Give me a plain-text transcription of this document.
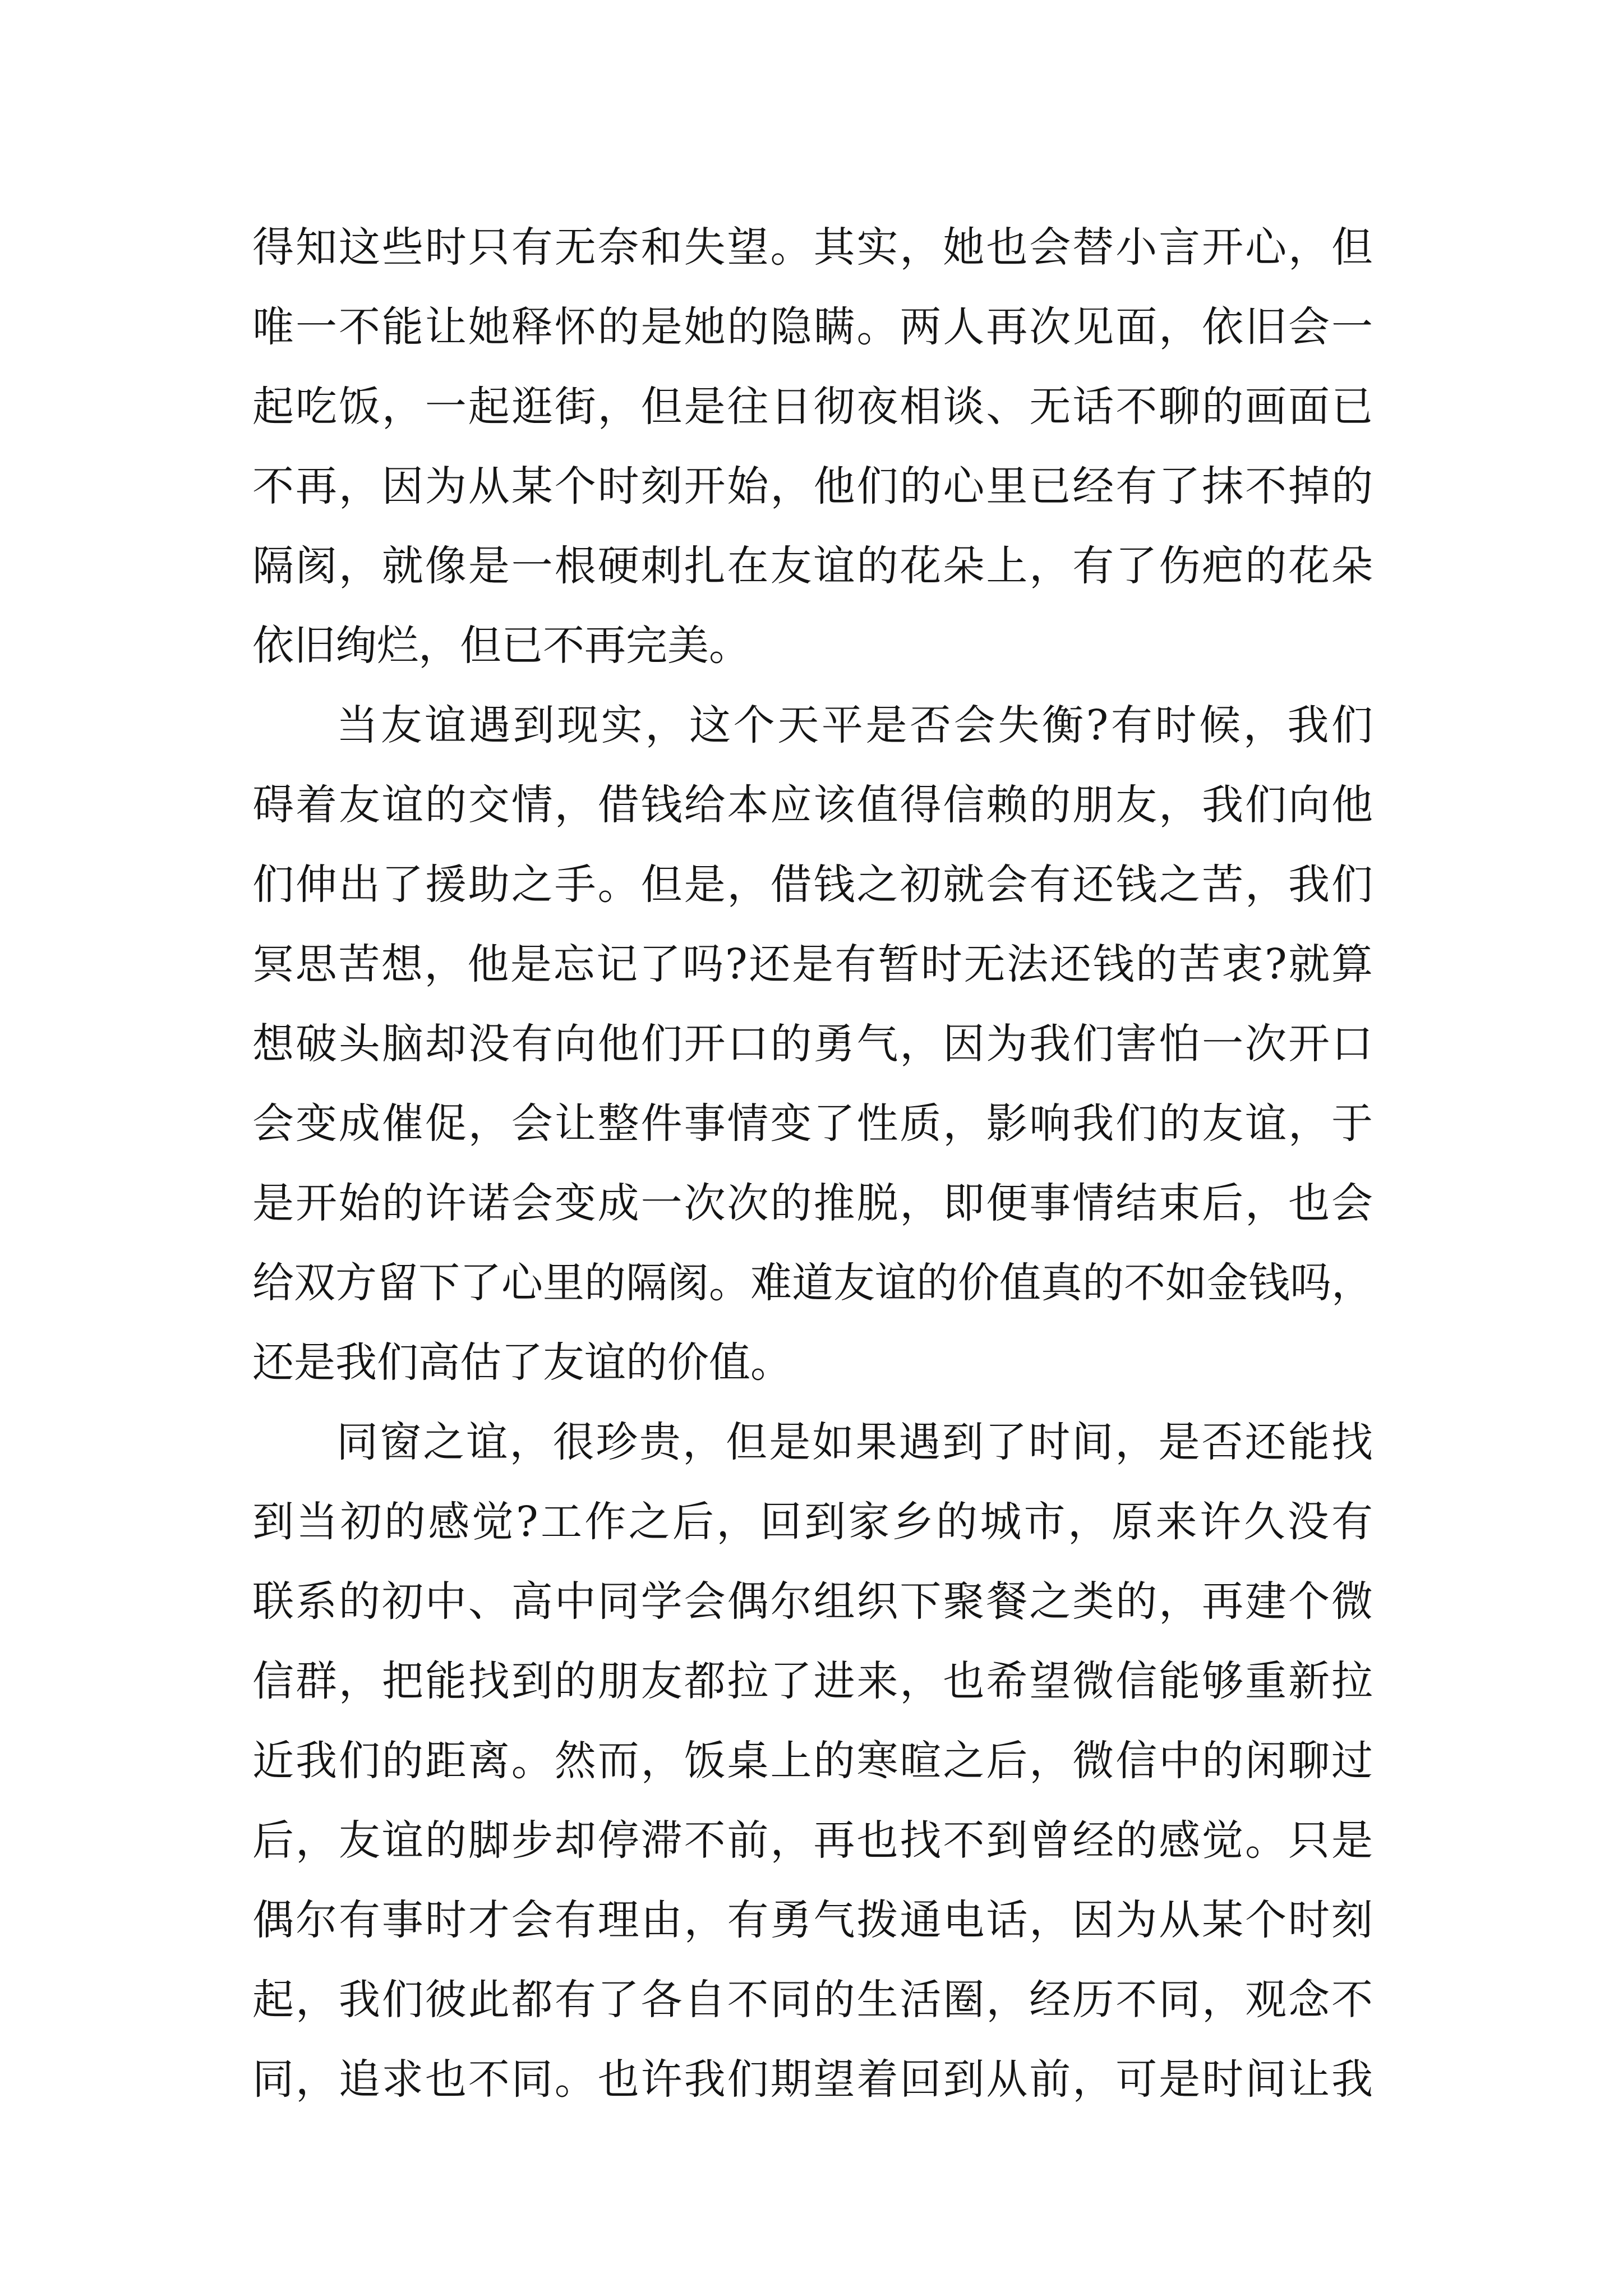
得知这些时只有无奈和失望。其实，她也会替小言开心，但
唯一不能让她释怀的是她的隐瞒。两人再次见面，依旧会一
起吃饭，一起逛街，但是往日彻夜相谈、无话不聊的画面已
不再，因为从某个时刻开始，他们的心里已经有了抹不掉的
隔阂，就像是一根硬刺扎在友谊的花朵上，有了伤疤的花朵
依旧绚烂，但已不再完美。
当友谊遇到现实，这个天平是否会失衡?有时候，我们
碍着友谊的交情，借钱给本应该值得信赖的朋友，我们向他
们伸出了援助之手。但是，借钱之初就会有还钱之苦，我们
冥思苦想，他是忘记了吗?还是有暂时无法还钱的苦衷?就算
想破头脑却没有向他们开口的勇气，因为我们害怕一次开口
会变成催促，会让整件事情变了性质，影响我们的友谊，于
是开始的许诺会变成一次次的推脱，即便事情结束后，也会
给双方留下了心里的隔阂。难道友谊的价值真的不如金钱吗，
还是我们高估了友谊的价值。
同窗之谊，很珍贵，但是如果遇到了时间，是否还能找
到当初的感觉?工作之后，回到家乡的城市，原来许久没有
联系的初中、高中同学会偶尔组织下聚餐之类的，再建个微
信群，把能找到的朋友都拉了进来，也希望微信能够重新拉
近我们的距离。然而，饭桌上的寒暄之后，微信中的闲聊过
后，友谊的脚步却停滞不前，再也找不到曾经的感觉。只是
偶尔有事时才会有理由，有勇气拨通电话，因为从某个时刻
起，我们彼此都有了各自不同的生活圈，经历不同，观念不
同，追求也不同。也许我们期望着回到从前，可是时间让我
